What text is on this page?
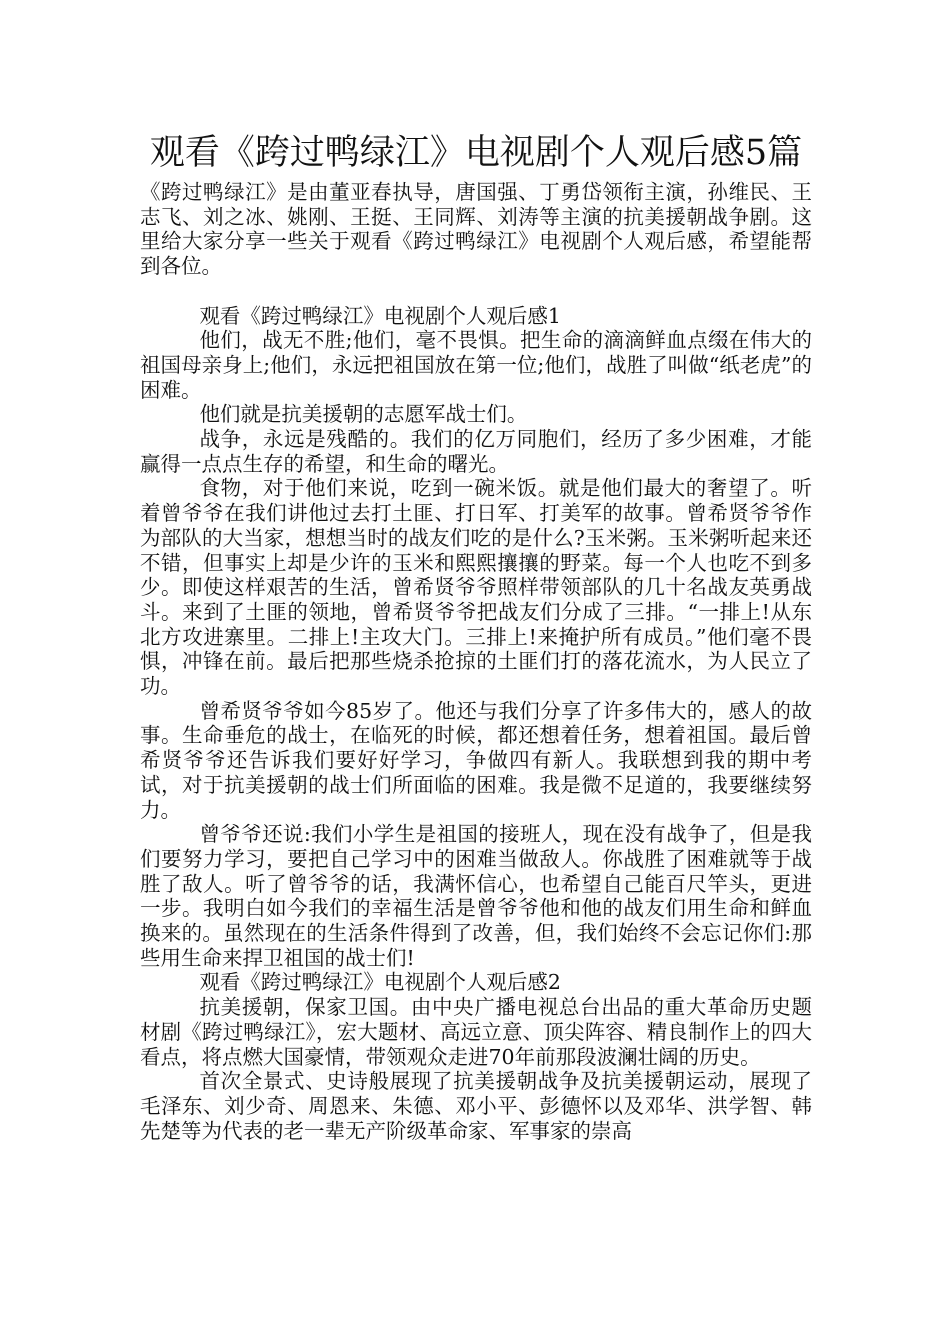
观看《跨过鸭绿江》电视剧个人观后感5篇

《跨过鸭绿江》是由董亚春执导，唐国强、丁勇岱领衔主演，孙维民、王志飞、刘之冰、姚刚、王挺、王同辉、刘涛等主演的抗美援朝战争剧。这里给大家分享一些关于观看《跨过鸭绿江》电视剧个人观后感，希望能帮到各位。

观看《跨过鸭绿江》电视剧个人观后感1

他们，战无不胜;他们，毫不畏惧。把生命的滴滴鲜血点缀在伟大的祖国母亲身上;他们，永远把祖国放在第一位;他们，战胜了叫做“纸老虎”的困难。

他们就是抗美援朝的志愿军战士们。

战争，永远是残酷的。我们的亿万同胞们，经历了多少困难，才能赢得一点点生存的希望，和生命的曙光。

食物，对于他们来说，吃到一碗米饭。就是他们最大的奢望了。听着曾爷爷在我们讲他过去打土匪、打日军、打美军的故事。曾希贤爷爷作为部队的大当家，想想当时的战友们吃的是什么?玉米粥。玉米粥听起来还不错，但事实上却是少许的玉米和熙熙攘攘的野菜。每一个人也吃不到多少。即使这样艰苦的生活，曾希贤爷爷照样带领部队的几十名战友英勇战斗。来到了土匪的领地，曾希贤爷爷把战友们分成了三排。“一排上!从东北方攻进寨里。二排上!主攻大门。三排上!来掩护所有成员。”他们毫不畏惧，冲锋在前。最后把那些烧杀抢掠的土匪们打的落花流水，为人民立了功。

曾希贤爷爷如今85岁了。他还与我们分享了许多伟大的，感人的故事。生命垂危的战士，在临死的时候，都还想着任务，想着祖国。最后曾希贤爷爷还告诉我们要好好学习，争做四有新人。我联想到我的期中考试，对于抗美援朝的战士们所面临的困难。我是微不足道的，我要继续努力。

曾爷爷还说:我们小学生是祖国的接班人，现在没有战争了，但是我们要努力学习，要把自己学习中的困难当做敌人。你战胜了困难就等于战胜了敌人。听了曾爷爷的话，我满怀信心，也希望自己能百尺竿头，更进一步。我明白如今我们的幸福生活是曾爷爷他和他的战友们用生命和鲜血换来的。虽然现在的生活条件得到了改善，但，我们始终不会忘记你们:那些用生命来捍卫祖国的战士们!

观看《跨过鸭绿江》电视剧个人观后感2

抗美援朝，保家卫国。由中央广播电视总台出品的重大革命历史题材剧《跨过鸭绿江》，宏大题材、高远立意、顶尖阵容、精良制作上的四大看点，将点燃大国豪情，带领观众走进70年前那段波澜壮阔的历史。

首次全景式、史诗般展现了抗美援朝战争及抗美援朝运动，展现了毛泽东、刘少奇、周恩来、朱德、邓小平、彭德怀以及邓华、洪学智、韩先楚等为代表的老一辈无产阶级革命家、军事家的崇高
